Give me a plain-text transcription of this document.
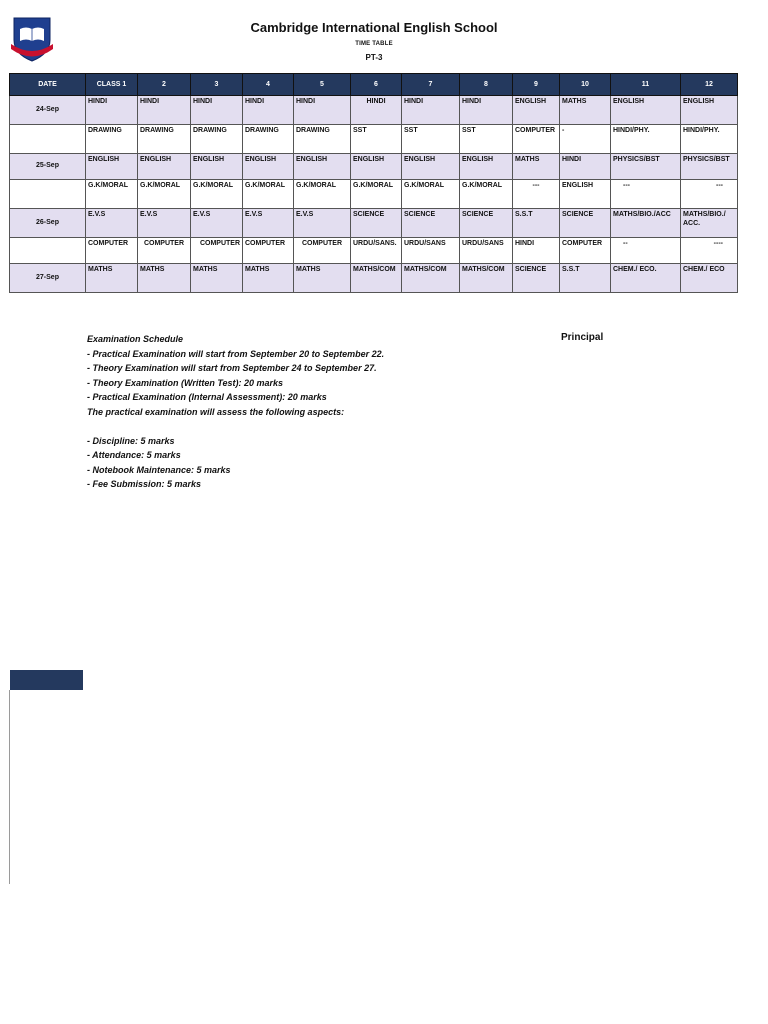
Cambridge International English School
TIME TABLE
PT-3
DATE	CLASS 1	2	3	4	5	6	7	8	9	10	11	12
24-Sep	HINDI	HINDI	HINDI	HINDI	HINDI	HINDI	HINDI	HINDI	ENGLISH	MATHS	ENGLISH	ENGLISH
	DRAWING	DRAWING	DRAWING	DRAWING	DRAWING	SST	SST	SST	COMPUTER	-	HINDI/PHY.	HINDI/PHY.
25-Sep	ENGLISH	ENGLISH	ENGLISH	ENGLISH	ENGLISH	ENGLISH	ENGLISH	ENGLISH	MATHS	HINDI	PHYSICS/BST	PHYSICS/BST
	G.K/MORAL	G.K/MORAL	G.K/MORAL	G.K/MORAL	G.K/MORAL	G.K/MORAL	G.K/MORAL	G.K/MORAL	---	ENGLISH	---	---
26-Sep	E.V.S	E.V.S	E.V.S	E.V.S	E.V.S	SCIENCE	SCIENCE	SCIENCE	S.S.T	SCIENCE	MATHS/BIO./ACC	MATHS/BIO./ ACC.
	COMPUTER	COMPUTER	COMPUTER	COMPUTER	COMPUTER	URDU/SANS.	URDU/SANS	URDU/SANS	HINDI	COMPUTER	--	----
27-Sep	MATHS	MATHS	MATHS	MATHS	MATHS	MATHS/COM	MATHS/COM	MATHS/COM	SCIENCE	S.S.T	CHEM./ ECO.	CHEM./ ECO
Examination Schedule
- Practical Examination will start from September 20 to September 22.
- Theory Examination will start from September 24 to September 27.
- Theory Examination (Written Test): 20 marks
- Practical Examination (Internal Assessment): 20 marks
The practical examination will assess the following aspects:
- Discipline: 5 marks
- Attendance: 5 marks
- Notebook Maintenance: 5 marks
- Fee Submission: 5 marks
Principal
